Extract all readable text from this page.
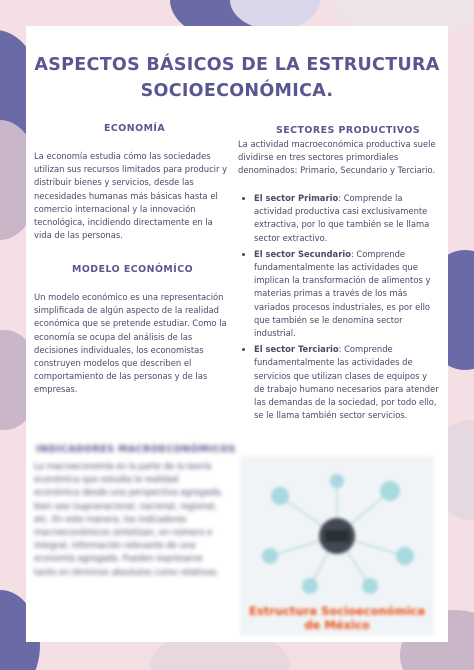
ASPECTOS BÁSICOS DE LA ESTRUCTURA SOCIOECONÓMICA.
ECONOMÍA

La economía estudia cómo las sociedades utilizan sus recursos limitados para producir y distribuir bienes y servicios, desde las necesidades humanas más básicas hasta el comercio internacional y la innovación tecnológica, incidiendo directamente en la vida de las personas.

MODELO ECONÓMÍCO

Un modelo económico es una representación simplificada de algún aspecto de la realidad económica que se pretende estudiar. Como la economía se ocupa del análisis de las decisiones individuales, los economistas construyen modelos que describen el comportamiento de las personas y de las empresas.

INDICADORES MACROECONÓMICOS

La macroeconomía es la parte de la teoría económica que estudia la realidad económica desde una perspectiva agregada, bien sea (supranacional, nacional, regional, etc. En este manera, los indicadores macroeconómicos sintetizan, en número e integral, información relevante de una economía agregada. Pueden expresarse tanto en términos absolutos como relativos.

SECTORES PRODUCTIVOS

La actividad macroeconómica productiva suele dividirse en tres sectores primordiales denominados: Primario, Secundario y Terciario.

• El sector Primario: Comprende la actividad productiva casi exclusivamente extractiva, por lo que también se le llama sector extractivo.
• El sector Secundario: Comprende fundamentalmente las actividades que implican la transformación de alimentos y materias primas a través de los más variados procesos industriales, es por ello que también se le denomina sector industrial.
• El sector Terciario: Comprende fundamentalmente las actividades de servicios que utilizan clases de equipos y de trabajo humano necesarios para atender las demandas de la sociedad, por todo ello, se le llama también sector servicios.
Estructura Socioeconómica de México
